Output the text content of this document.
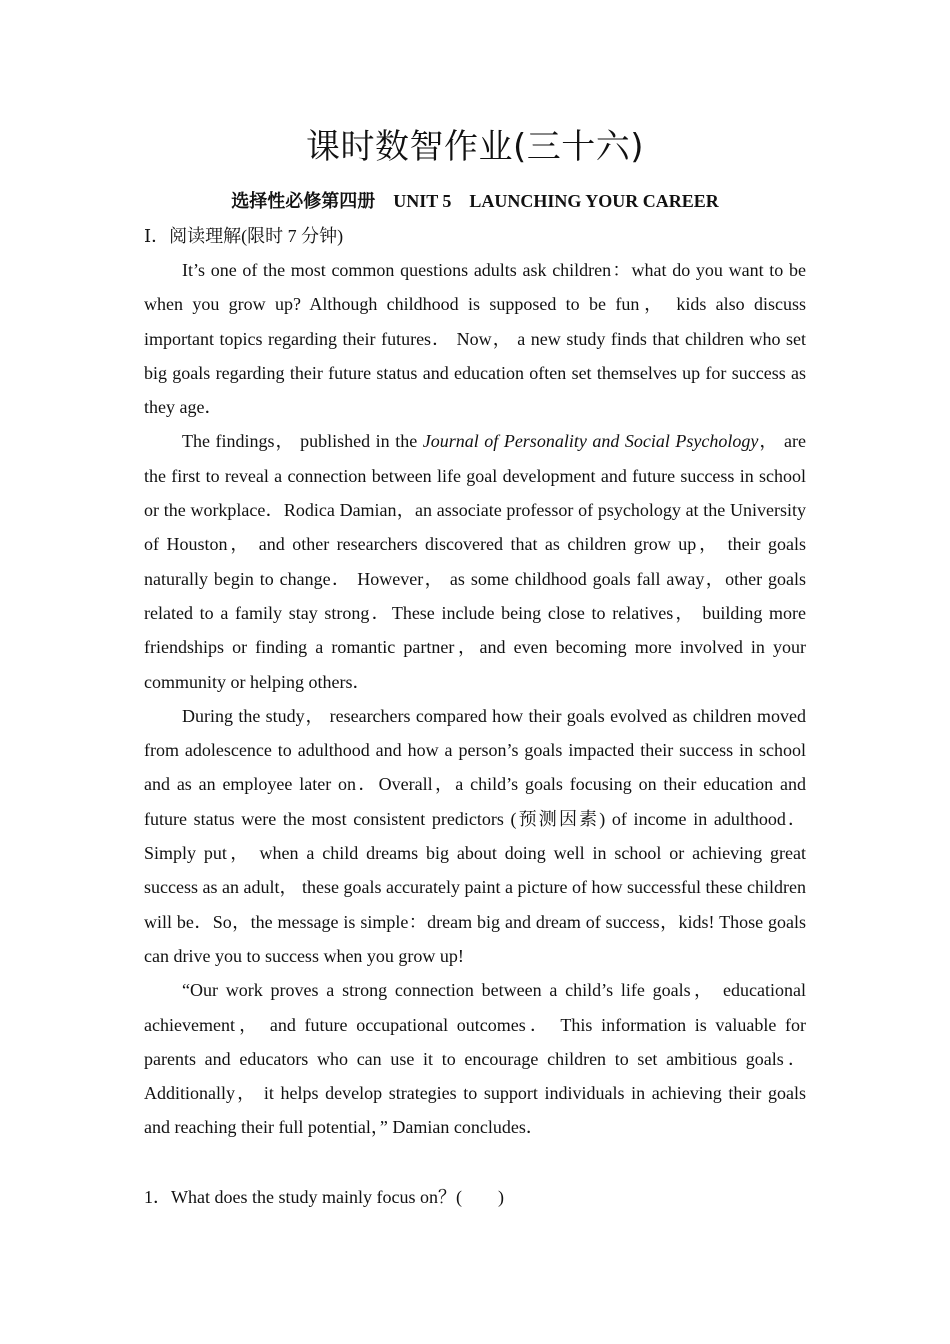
课时数智作业(三十六)
选择性必修第四册    UNIT 5    LAUNCHING YOUR CAREER
Ⅰ．阅读理解(限时 7 分钟)

It’s one of the most common questions adults ask children：what do you want to be when you grow up? Although childhood is supposed to be fun， kids also discuss important topics regarding their futures． Now， a new study finds that children who set big goals regarding their future status and education often set themselves up for success as they age．

The findings， published in the Journal of Personality and Social Psychology， are the first to reveal a connection between life goal development and future success in school or the workplace．Rodica Damian，an associate professor of psychology at the University of Houston， and other researchers discovered that as children grow up， their goals naturally begin to change． However， as some childhood goals fall away，other goals related to a family stay strong．These include being close to relatives， building more friendships or finding a romantic partner，and even becoming more involved in your community or helping others．

During the study， researchers compared how their goals evolved as children moved from adolescence to adulthood and how a person’s goals impacted their success in school and as an employee later on．Overall，a child’s goals focusing on their education and future status were the most consistent predictors (预测因素) of income in adulthood． Simply put， when a child dreams big about doing well in school or achieving great success as an adult， these goals accurately paint a picture of how successful these children will be．So，the message is simple：dream big and dream of success，kids! Those goals can drive you to success when you grow up!

“Our work proves a strong connection between a child’s life goals， educational achievement， and future occupational outcomes． This information is valuable for parents and educators who can use it to encourage children to set ambitious goals． Additionally， it helps develop strategies to support individuals in achieving their goals and reaching their full potential，” Damian concludes．

1．What does the study mainly focus on？(　　)
